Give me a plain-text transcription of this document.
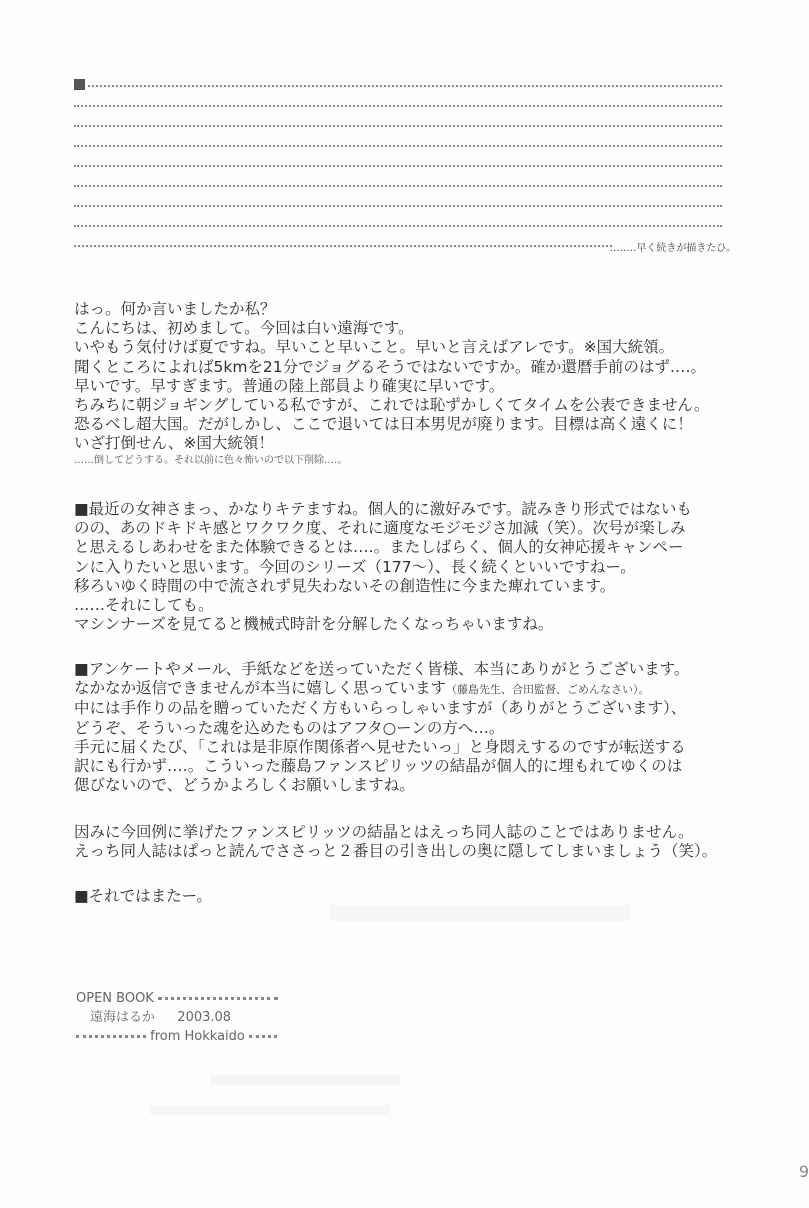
‥‥‥‥早く続きが描きたひ。
はっ。何か言いましたか私？
こんにちは、初めまして。今回は白い遠海です。
いやもう気付けば夏ですね。早いこと早いこと。早いと言えばアレです。※国大統領。
聞くところによれば5kmを21分でジョグるそうではないですか。確か還暦手前のはず‥‥。
早いです。早すぎます。普通の陸上部員より確実に早いです。
ちみちに朝ジョギングしている私ですが、これでは恥ずかしくてタイムを公表できません。
恐るべし超大国。だがしかし、ここで退いては日本男児が廃ります。目標は高く遠くに！
いざ打倒せん、※国大統領！
……倒してどうする。それ以前に色々怖いので以下削除‥‥。
■最近の女神さまっ、かなりキテますね。個人的に激好みです。読みきり形式ではないも
のの、あのドキドキ感とワクワク度、それに適度なモジモジさ加減（笑）。次号が楽しみ
と思えるしあわせをまた体験できるとは‥‥。またしばらく、個人的女神応援キャンペー
ンに入りたいと思います。今回のシリーズ（177～）、長く続くといいですねー。
移ろいゆく時間の中で流されず見失わないその創造性に今また痺れています。
……それにしても。
マシンナーズを見てると機械式時計を分解したくなっちゃいますね。
■アンケートやメール、手紙などを送っていただく皆様、本当にありがとうございます。
なかなか返信できませんが本当に嬉しく思っています（藤島先生、合田監督、ごめんなさい）。
中には手作りの品を贈っていただく方もいらっしゃいますが（ありがとうございます）、
どうぞ、そういった魂を込めたものはアフタ○ーンの方へ…。
手元に届くたび、「これは是非原作関係者へ見せたいっ」と身悶えするのですが転送する
訳にも行かず‥‥。こういった藤島ファンスピリッツの結晶が個人的に埋もれてゆくのは
偲びないので、どうかよろしくお願いしますね。
因みに今回例に挙げたファンスピリッツの結晶とはえっち同人誌のことではありません。
えっち同人誌はぱっと読んでささっと２番目の引き出しの奥に隠してしまいましょう（笑）。
■それではまたー。
OPEN BOOK
遠海はるか 2003.08
from Hokkaido
9
